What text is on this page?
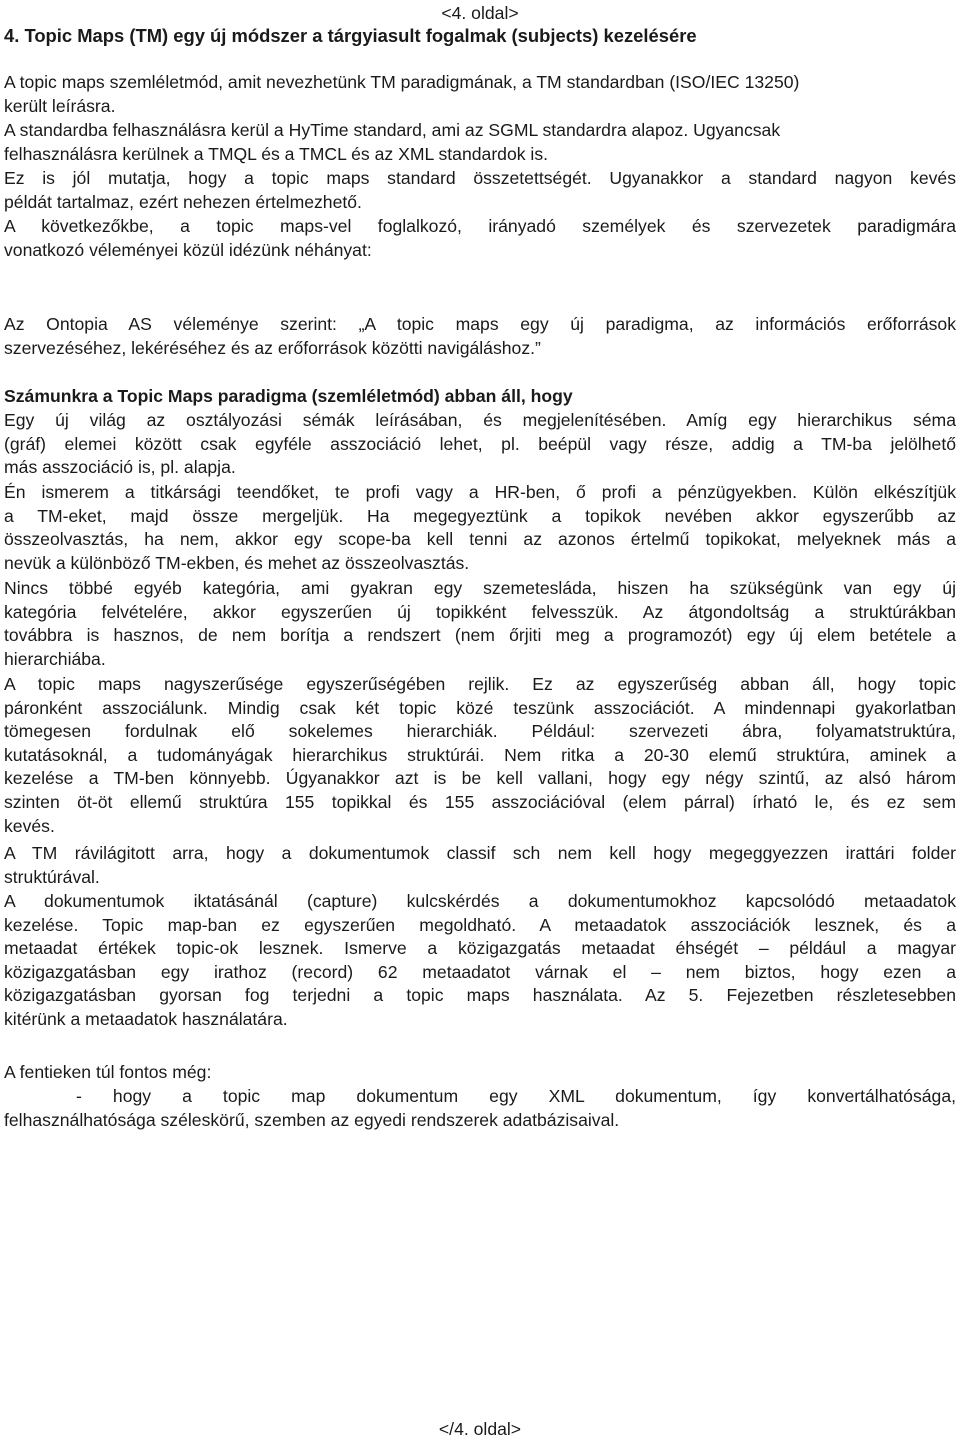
<4. oldal>
4. Topic Maps (TM) egy új módszer a tárgyiasult fogalmak (subjects) kezelésére
A topic maps szemléletmód, amit nevezhetünk TM paradigmának, a TM standardban (ISO/IEC 13250)
került leírásra.
A standardba felhasználásra kerül a HyTime standard, ami az SGML standardra alapoz. Ugyancsak
felhasználásra kerülnek a TMQL és a TMCL és az XML standardok is.
Ez is jól mutatja, hogy a topic maps standard összetettségét. Ugyanakkor a standard nagyon kevés
példát tartalmaz, ezért nehezen értelmezhető.
A következőkbe, a topic maps-vel foglalkozó, irányadó személyek és szervezetek paradigmára
vonatkozó véleményei közül idézünk néhányat:
Az Ontopia AS véleménye szerint: „A topic maps egy új paradigma, az információs erőforrások
szervezéséhez, lekéréséhez és az erőforrások közötti navigáláshoz.”
Számunkra a Topic Maps paradigma (szemléletmód) abban áll, hogy
Egy új világ az osztályozási sémák leírásában, és megjelenítésében. Amíg egy hierarchikus séma
(gráf) elemei között csak egyféle asszociáció lehet, pl. beépül vagy része, addig a TM-ba jelölhető
más asszociáció is, pl. alapja.
Én ismerem a titkársági teendőket, te profi vagy a HR-ben, ő profi a pénzügyekben. Külön elkészítjük
a TM-eket, majd össze mergeljük. Ha megegyeztünk a topikok nevében akkor egyszerűbb az
összeolvasztás, ha nem, akkor egy scope-ba kell tenni az azonos értelmű topikokat, melyeknek más a
nevük a különböző TM-ekben, és mehet az összeolvasztás.
Nincs többé egyéb kategória, ami gyakran egy szemetesláda, hiszen ha szükségünk van egy új
kategória felvételére, akkor egyszerűen új topikként felvesszük. Az átgondoltság a struktúrákban
továbbra is hasznos, de nem borítja a rendszert (nem őrjiti meg a programozót) egy új elem betétele a
hierarchiába.
A topic maps nagyszerűsége egyszerűségében rejlik. Ez az egyszerűség abban áll, hogy topic
páronként asszociálunk. Mindig csak két topic közé teszünk asszociációt. A mindennapi gyakorlatban
tömegesen fordulnak elő sokelemes hierarchiák. Például: szervezeti ábra, folyamatstruktúra,
kutatásoknál, a tudományágak hierarchikus struktúrái. Nem ritka a 20-30 elemű struktúra, aminek a
kezelése a TM-ben könnyebb. Úgyanakkor azt is be kell vallani, hogy egy négy szintű, az alsó három
szinten öt-öt ellemű struktúra 155 topikkal és 155 asszociációval (elem párral) írható le, és ez sem
kevés.
A TM rávilágitott arra, hogy a dokumentumok classif sch nem kell hogy megeggyezzen irattári folder
struktúrával.
A dokumentumok iktatásánál (capture) kulcskérdés a dokumentumokhoz kapcsolódó metaadatok
kezelése. Topic map-ban ez egyszerűen megoldható. A metaadatok asszociációk lesznek, és a
metaadat értékek topic-ok lesznek. Ismerve a közigazgatás metaadat éhségét – például a magyar
közigazgatásban egy irathoz (record) 62 metaadatot várnak el – nem biztos, hogy ezen a
közigazgatásban gyorsan fog terjedni a topic maps használata. Az 5. Fejezetben részletesebben
kitérünk a metaadatok használatára.
A fentieken túl fontos még:
- hogy a topic map dokumentum egy XML dokumentum, így konvertálhatósága,
felhasználhatósága széleskörű, szemben az egyedi rendszerek adatbázisaival.
</4. oldal>
